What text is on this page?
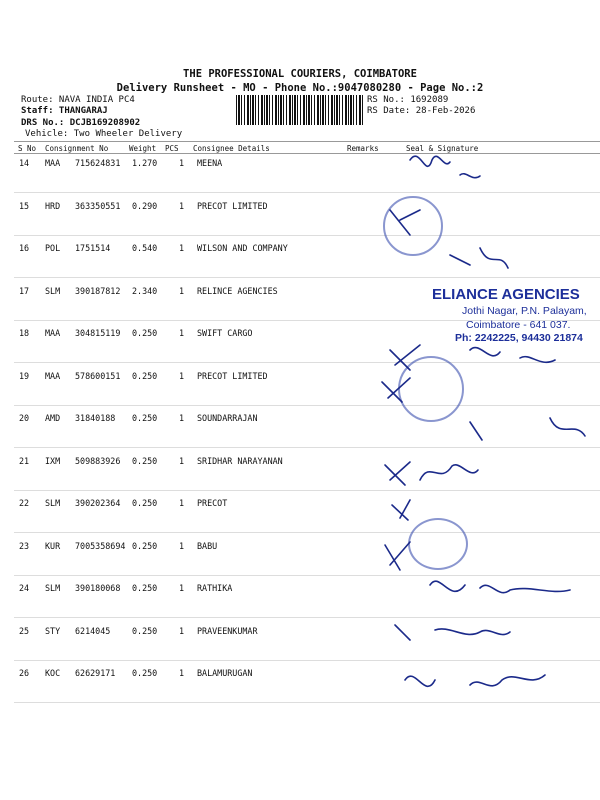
THE PROFESSIONAL COURIERS, COIMBATORE
Delivery Runsheet - MO - Phone No.:9047080280 - Page No.:2
Route: NAVA INDIA PC4
Staff: THANGARAJ
DRS No.: DCJB169208902
Vehicle: Two Wheeler Delivery
RS No.: 1692089
RS Date: 28-Feb-2026
S No Consignment No	Weight PCS Consignee Details	Remarks	Seal & Signature
14 MAA 715624831 1.270	1 MEENA
15 HRD 363350551 0.290	1 PRECOT LIMITED
16 POL 1751514	0.540	1 WILSON AND COMPANY
17 SLM 390187812 2.340	1 RELINCE AGENCIES
18 MAA 304815119 0.250	1 SWIFT CARGO
19 MAA 578600151 0.250	1 PRECOT LIMITED
20 AMD 31840188 0.250	1 SOUNDARRAJAN
21 IXM 509883926 0.250	1 SRIDHAR NARAYANAN
22 SLM 390202364 0.250	1 PRECOT
23 KUR 7005358694 0.250	1 BABU
24 SLM 390180068 0.250	1 RATHIKA
25 STY 6214045	0.250	1 PRAVEENKUMAR
26 KOC 62629171 0.250	1 BALAMURUGAN
ELIANCE AGENCIES
Jothi Nagar, P.N. Palayam,
Coimbatore - 641 037.
Ph: 2242225, 94430 21874
